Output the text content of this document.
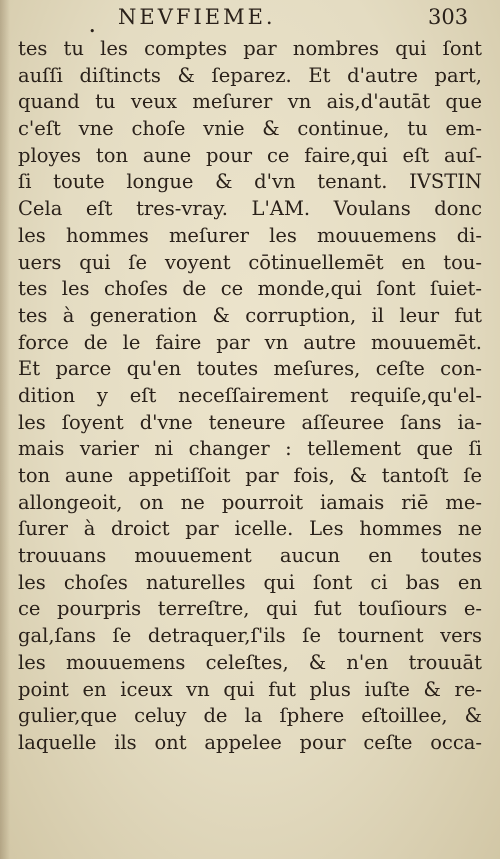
•
NEVFIEME.	303
tes tu les comptes par nombres qui ſont
auſſi diſtincts & ſeparez. Et d'autre part,
quand tu veux meſurer vn ais,d'autāt que
c'eſt vne choſe vnie & continue, tu em-
ployes ton aune pour ce faire,qui eſt auſ-
ſi toute longue & d'vn tenant. IVSTIN
Cela eſt tres-vray. L'AM. Voulans donc
les hommes meſurer les mouuemens di-
uers qui ſe voyent cōtinuellemēt en tou-
tes les choſes de ce monde,qui ſont ſuiet-
tes à generation & corruption, il leur fut
force de le faire par vn autre mouuemēt.
Et parce qu'en toutes meſures, ceſte con-
dition y eſt neceſſairement requiſe,qu'el-
les ſoyent d'vne teneure aſſeuree ſans ia-
mais varier ni changer : tellement que ſi
ton aune appetiſſoit par fois, & tantoſt ſe
allongeoit, on ne pourroit iamais riē me-
ſurer à droict par icelle. Les hommes ne
trouuans mouuement aucun en toutes
les choſes naturelles qui ſont ci bas en
ce pourpris terreſtre, qui fut touſiours e-
gal,ſans ſe detraquer,ſ'ils ſe tournent vers
les mouuemens celeſtes, & n'en trouuāt
point en iceux vn qui fut plus iuſte & re-
gulier,que celuy de la ſphere eſtoillee, &
laquelle ils ont appelee pour ceſte occa-
